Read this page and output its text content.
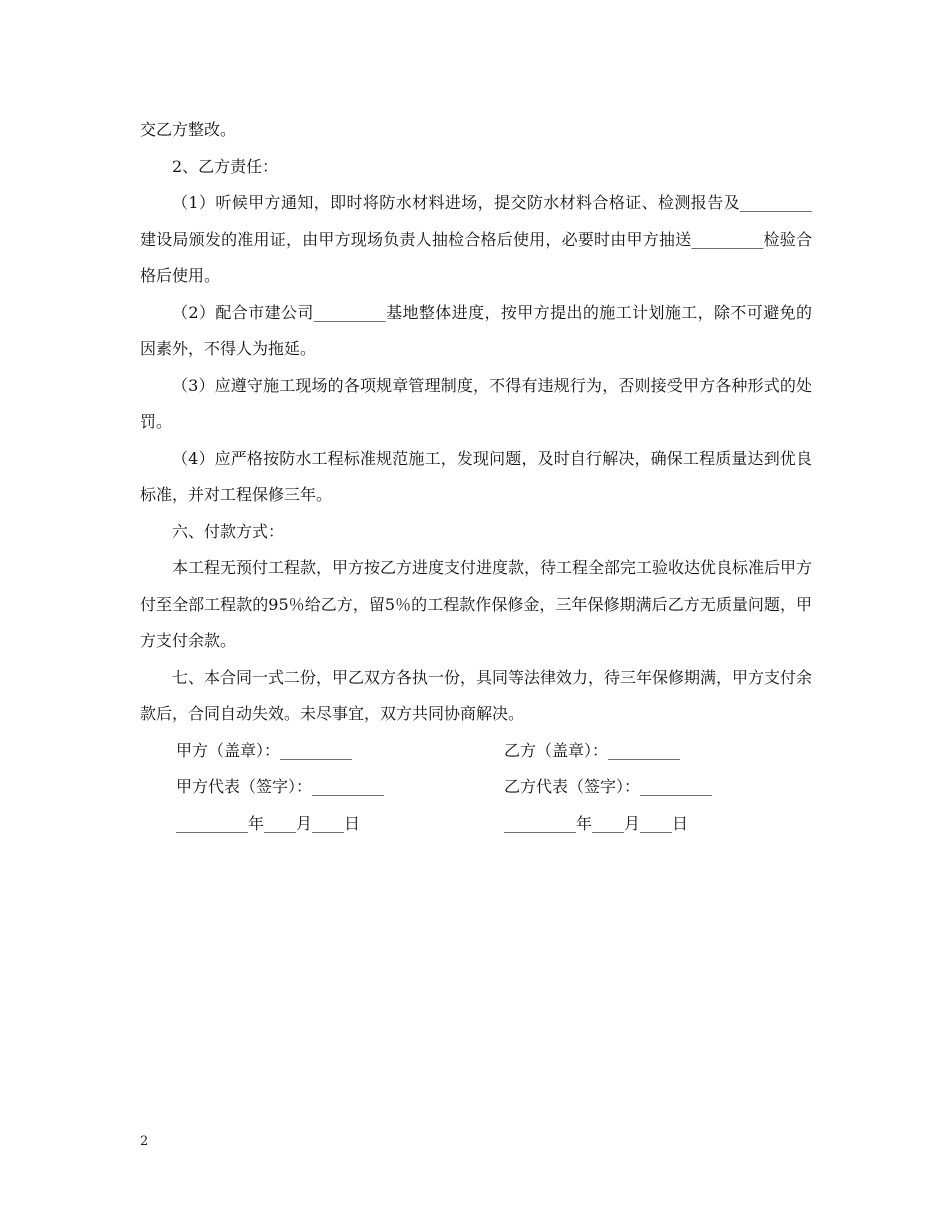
交乙方整改。

2、乙方责任：

（1）听候甲方通知，即时将防水材料进场，提交防水材料合格证、检测报告及_________建设局颁发的准用证，由甲方现场负责人抽检合格后使用，必要时由甲方抽送_________检验合格后使用。

（2）配合市建公司_________基地整体进度，按甲方提出的施工计划施工，除不可避免的因素外，不得人为拖延。

（3）应遵守施工现场的各项规章管理制度，不得有违规行为，否则接受甲方各种形式的处罚。

（4）应严格按防水工程标准规范施工，发现问题，及时自行解决，确保工程质量达到优良标准，并对工程保修三年。

六、付款方式：

本工程无预付工程款，甲方按乙方进度支付进度款，待工程全部完工验收达优良标准后甲方付至全部工程款的95％给乙方，留5％的工程款作保修金，三年保修期满后乙方无质量问题，甲方支付余款。

七、本合同一式二份，甲乙双方各执一份，具同等法律效力，待三年保修期满，甲方支付余款后，合同自动失效。未尽事宜，双方共同协商解决。

甲方（盖章）：_________	乙方（盖章）：_________
甲方代表（签字）：_________	乙方代表（签字）：_________
_________年____月____日	_________年____月____日
2
